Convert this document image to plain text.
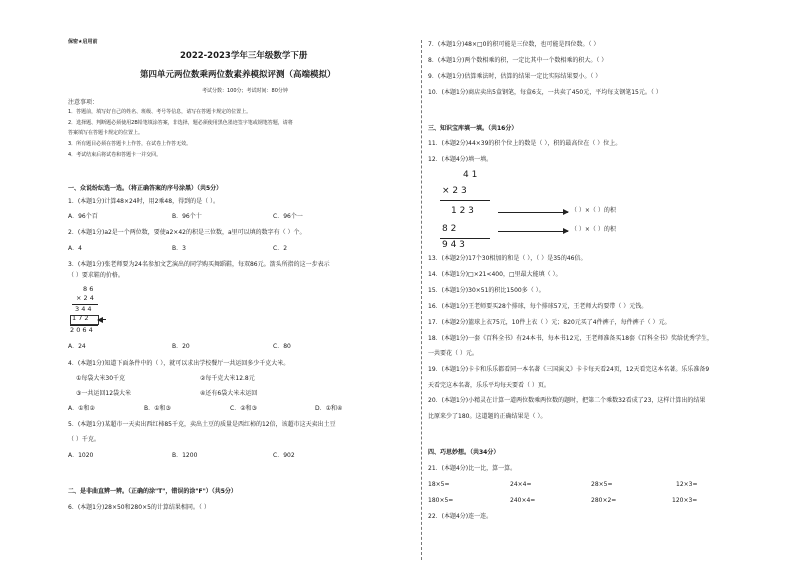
保密★启用前
2022-2023学年三年级数学下册
第四单元两位数乘两位数素养模拟评测（高端模拟）
考试分数：100分；考试时间：80分钟
注意事项：
1．答题前，填写好自己的姓名、班级、考号等信息，请写在答题卡规定的位置上。
2．选择题、判断题必须使用2B铅笔填涂答案，非选择，题必须使用黑色墨迹签字笔或钢笔答题，请将
答案填写在答题卡规定的位置上。
3．所有题目必须在答题卡上作答，在试卷上作答无效。
4．考试结束后将试卷和答题卡一并交回。
一、众说纷纭选一选。（将正确答案的序号涂黑）（共5分）
1．(本题1分)计算48×24时，用2乘48，得到的是（ ）。
A．96个百	B．96个十	C．96个一
2．(本题1分)a2是一个两位数，要使a2×42的积是三位数，a里可以填的数字有（ ）个。
A．4	B．3	C．2
3．(本题1分)张老师要为24名参加文艺演出的同学购买舞蹈鞋，每双86元。箭头所指的这一步表示
（ ）要求鞋的价格。
8 6
× 2 4
3 4 4
1 7 2
2 0 6 4
A．24	B．20	C．80
4．(本题1分)知道下面条件中的（ ），就可以求出学校餐厅一共运回多少千克大米。
①每袋大米30千克	②每千克大米12.8元
③一共运回12袋大米	④还有6袋大米未运回
A．①和②	B．①和③	C．②和③	D．①和④
5．(本题1分)某超市一天卖出西红柿85千克，卖出土豆的质量是西红柿的12倍，该超市这天卖出土豆
（ ）千克。
A．1020	B．1200	C．902
二、是非曲直辨一辨。（正确的涂"T"，错误的涂"F"）（共5分）
6．(本题1分)28×50和280×5的计算结果相同。（ ）
7．(本题1分)48×□0的积可能是三位数，也可能是四位数。（ ）
8．(本题1分)两个数相乘的积，一定比其中一个数相乘的积大。（ ）
9．(本题1分)估算乘法时，估算的结果一定比实际结果要小。（ ）
10．(本题1分)商店卖出5盒钢笔，每盒6支，一共卖了450元，平均每支钢笔15元。（ ）
三、知识宝库填一填。（共16分）
11．(本题2分)44×39的积个位上的数是（ ），积的最高位在（ ）位上。
12．(本题4分)填一填。
4 1
× 2 3
1 2 3	（ ）×（ ）的积
8 2	（ ）×（ ）的积
9 4 3
13．(本题2分)17个30相加的和是（ ），（ ）是35的46倍。
14．(本题1分)□×21<400，□里最大能填（ ）。
15．(本题1分)30×51的积比1500多（ ）。
16．(本题1分)王老师要买28个排球，每个排球57元，王老师大约要带（ ）元钱。
17．(本题2分)篮球上衣75元，10件上衣（ ）元；820元买了4件裤子，每件裤子（ ）元。
18．(本题1分)一套《百科全书》有24本书，每本书12元，王老师准备买18套《百科全书》奖给优秀学生，
一共要花（ ）元。
19．(本题1分)卡卡和乐乐都看同一本名著《三国演义》卡卡每天看24页，12天看完这本名著。乐乐准备9
天看完这本名著，乐乐平均每天要看（ ）页。
20．(本题1分)小精灵在计算一道两位数乘两位数的题时，把第二个乘数32看成了23，这样计算出的结果
比原来少了180。这道题的正确结果是（ ）。
四、巧思妙想。（共34分）
21．(本题4分)比一比，算一算。
18×5=	24×4=	28×5=	12×3=
180×5=	240×4=	280×2=	120×3=
22．(本题4分)连一连。
